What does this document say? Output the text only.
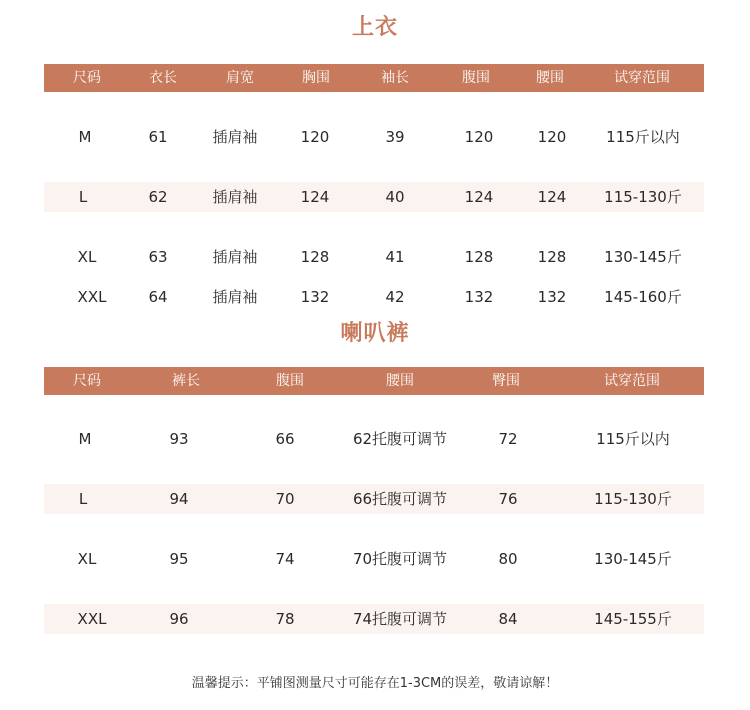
上衣
尺码	衣长	肩宽	胸围	袖长	腹围	腰围	试穿范围
M	61	插肩袖	120	39	120	120	115斤以内
L	62	插肩袖	124	40	124	124	115-130斤
XL	63	插肩袖	128	41	128	128	130-145斤
XXL	64	插肩袖	132	42	132	132	145-160斤
喇叭裤
尺码	裤长	腹围	腰围	臀围	试穿范围
M	93	66	62托腹可调节	72	115斤以内
L	94	70	66托腹可调节	76	115-130斤
XL	95	74	70托腹可调节	80	130-145斤
XXL	96	78	74托腹可调节	84	145-155斤
温馨提示：平铺图测量尺寸可能存在1-3CM的误差，敬请谅解！
